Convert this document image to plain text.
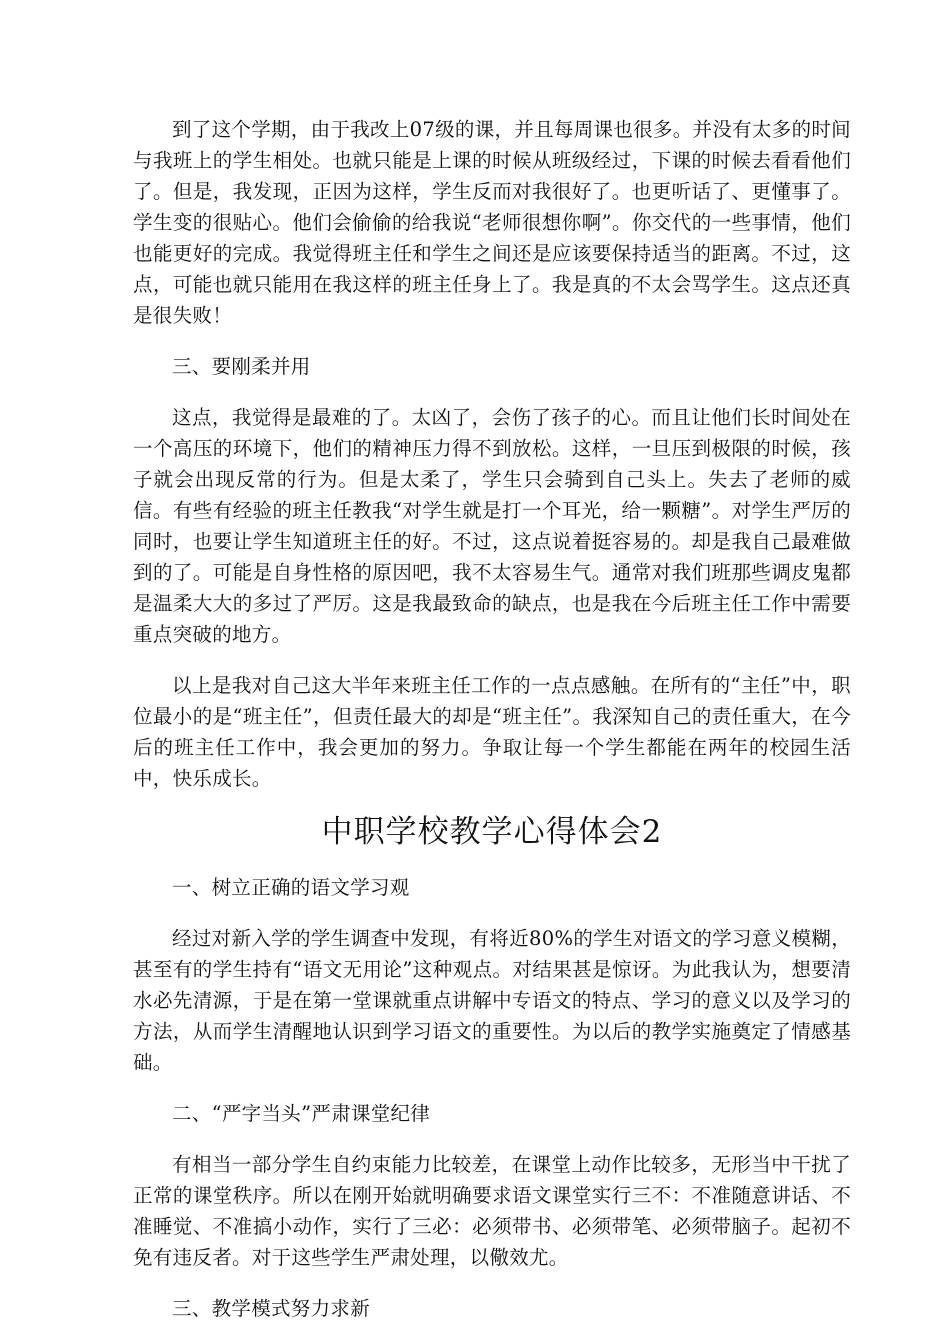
到了这个学期，由于我改上07级的课，并且每周课也很多。并没有太多的时间与我班上的学生相处。也就只能是上课的时候从班级经过，下课的时候去看看他们了。但是，我发现，正因为这样，学生反而对我很好了。也更听话了、更懂事了。学生变的很贴心。他们会偷偷的给我说“老师很想你啊”。你交代的一些事情，他们也能更好的完成。我觉得班主任和学生之间还是应该要保持适当的距离。不过，这点，可能也就只能用在我这样的班主任身上了。我是真的不太会骂学生。这点还真是很失败！

三、要刚柔并用

这点，我觉得是最难的了。太凶了，会伤了孩子的心。而且让他们长时间处在一个高压的环境下，他们的精神压力得不到放松。这样，一旦压到极限的时候，孩子就会出现反常的行为。但是太柔了，学生只会骑到自己头上。失去了老师的威信。有些有经验的班主任教我“对学生就是打一个耳光，给一颗糖”。对学生严厉的同时，也要让学生知道班主任的好。不过，这点说着挺容易的。却是我自己最难做到的了。可能是自身性格的原因吧，我不太容易生气。通常对我们班那些调皮鬼都是温柔大大的多过了严厉。这是我最致命的缺点，也是我在今后班主任工作中需要重点突破的地方。

以上是我对自己这大半年来班主任工作的一点点感触。在所有的“主任”中，职位最小的是“班主任”，但责任最大的却是“班主任”。我深知自己的责任重大，在今后的班主任工作中，我会更加的努力。争取让每一个学生都能在两年的校园生活中，快乐成长。

中职学校教学心得体会2

一、树立正确的语文学习观

经过对新入学的学生调查中发现，有将近80%的学生对语文的学习意义模糊，甚至有的学生持有“语文无用论”这种观点。对结果甚是惊讶。为此我认为，想要清水必先清源，于是在第一堂课就重点讲解中专语文的特点、学习的意义以及学习的方法，从而学生清醒地认识到学习语文的重要性。为以后的教学实施奠定了情感基础。

二、“严字当头”严肃课堂纪律

有相当一部分学生自约束能力比较差，在课堂上动作比较多，无形当中干扰了正常的课堂秩序。所以在刚开始就明确要求语文课堂实行三不：不准随意讲话、不准睡觉、不准搞小动作，实行了三必：必须带书、必须带笔、必须带脑子。起初不免有违反者。对于这些学生严肃处理，以儆效尤。

三、教学模式努力求新
